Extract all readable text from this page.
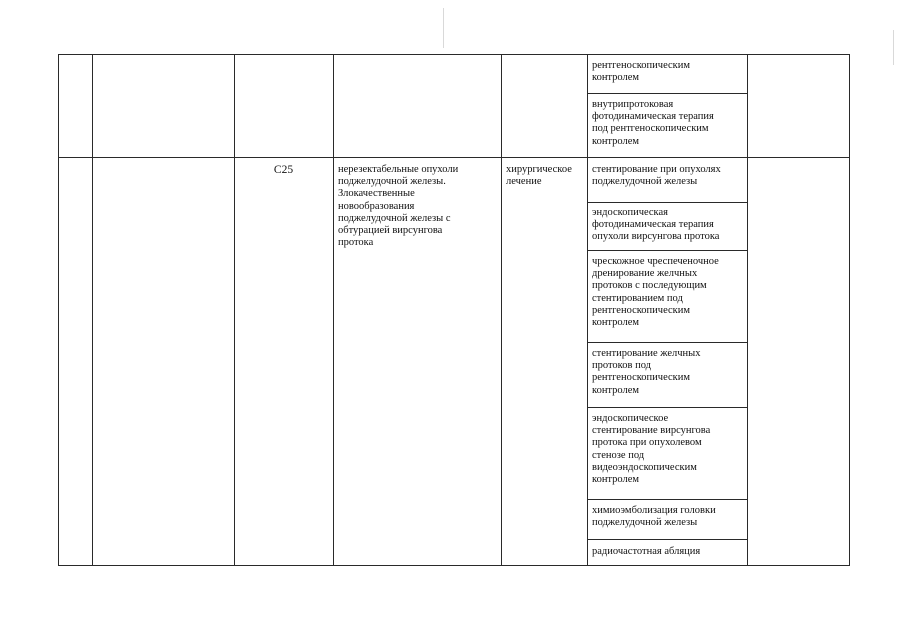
рентгеноскопическим
контролем
внутрипротоковая
фотодинамическая терапия
под рентгеноскопическим
контролем
C25	нерезектабельные опухоли
поджелудочной железы.
Злокачественные
новообразования
поджелудочной железы с
обтурацией вирсунгова
протока
хирургическое
лечение
стентирование при опухолях
поджелудочной железы
эндоскопическая
фотодинамическая терапия
опухоли вирсунгова протока
чрескожное чреспеченочное
дренирование желчных
протоков с последующим
стентированием под
рентгеноскопическим
контролем
стентирование желчных
протоков под
рентгеноскопическим
контролем
эндоскопическое
стентирование вирсунгова
протока при опухолевом
стенозе под
видеоэндоскопическим
контролем
химиоэмболизация головки
поджелудочной железы
радиочастотная абляция
